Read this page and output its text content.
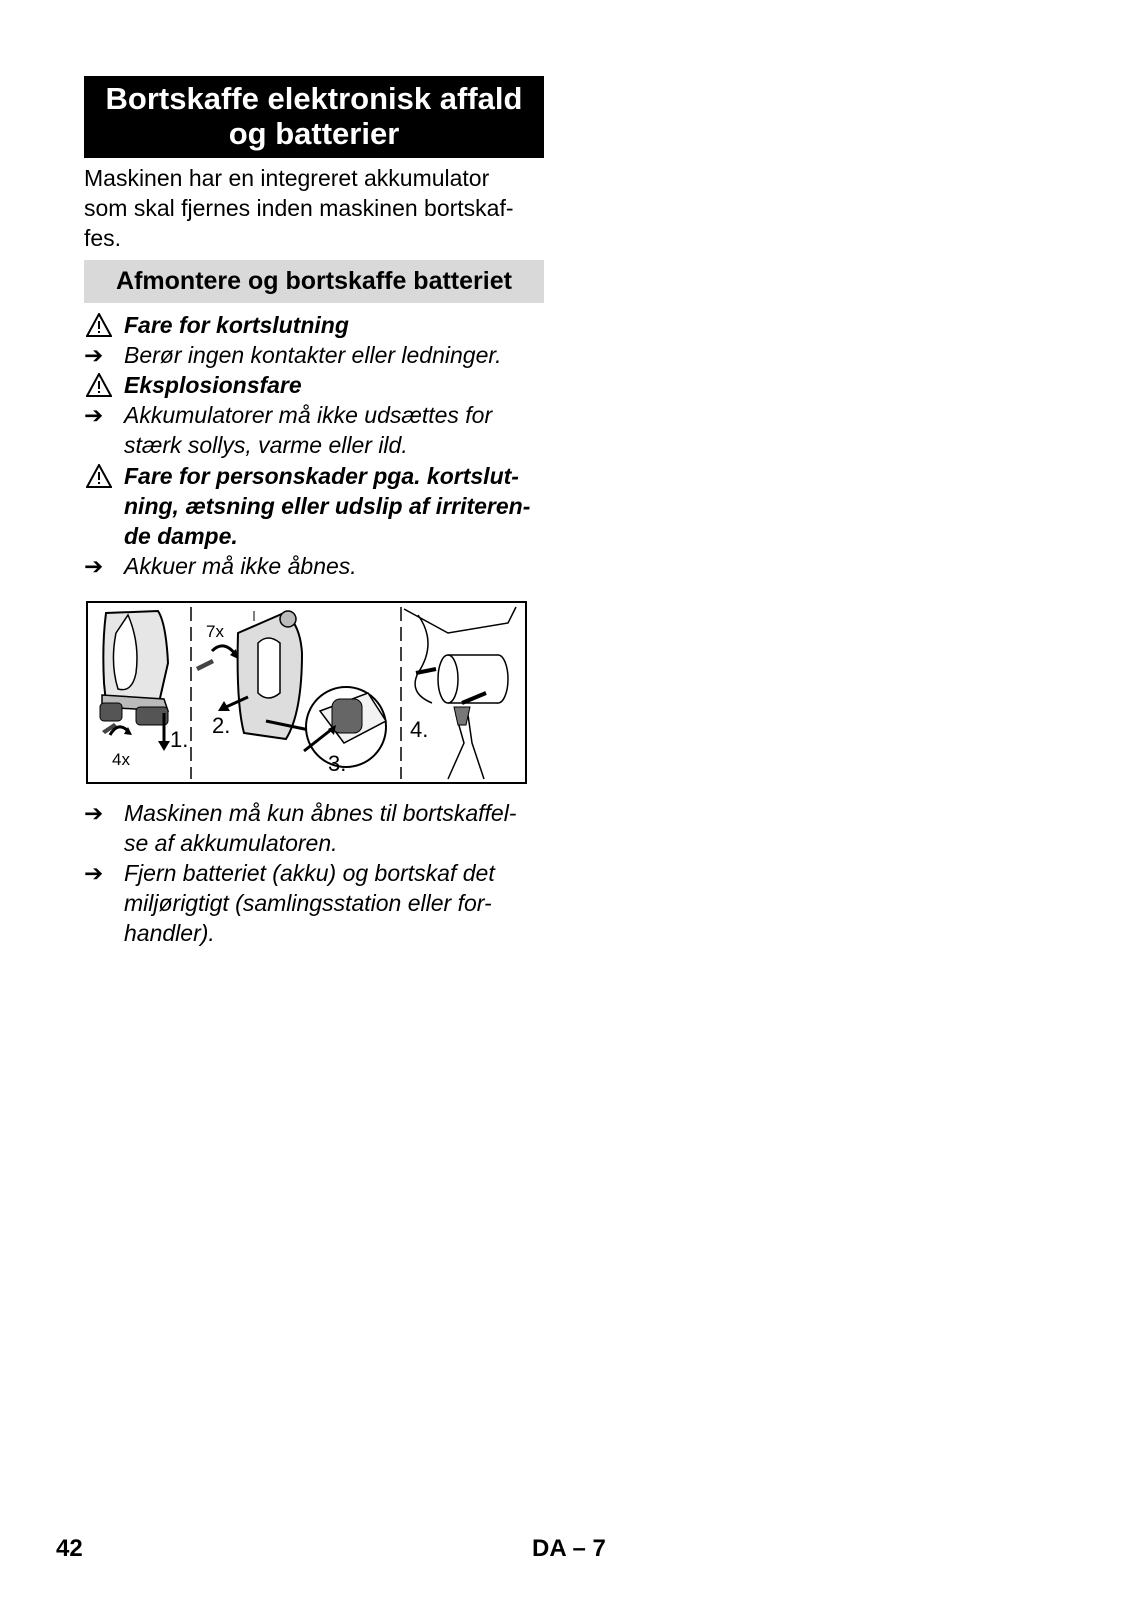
Bortskaffe elektronisk affald
og batterier
Maskinen har en integreret akkumulator
som skal fjernes inden maskinen bortskaf-
fes.
Afmontere og bortskaffe batteriet
Fare for kortslutning
➔ Berør ingen kontakter eller ledninger.
Eksplosionsfare
➔ Akkumulatorer må ikke udsættes for
stærk sollys, varme eller ild.
Fare for personskader pga. kortslut-
ning, ætsning eller udslip af irriteren-
de dampe.
➔ Akkuer må ikke åbnes.
1.
2.
3.
4.
4x
7x
➔ Maskinen må kun åbnes til bortskaffel-
se af akkumulatoren.
➔ Fjern batteriet (akku) og bortskaf det
miljørigtigt (samlingsstation eller for-
handler).
42	DA – 7
